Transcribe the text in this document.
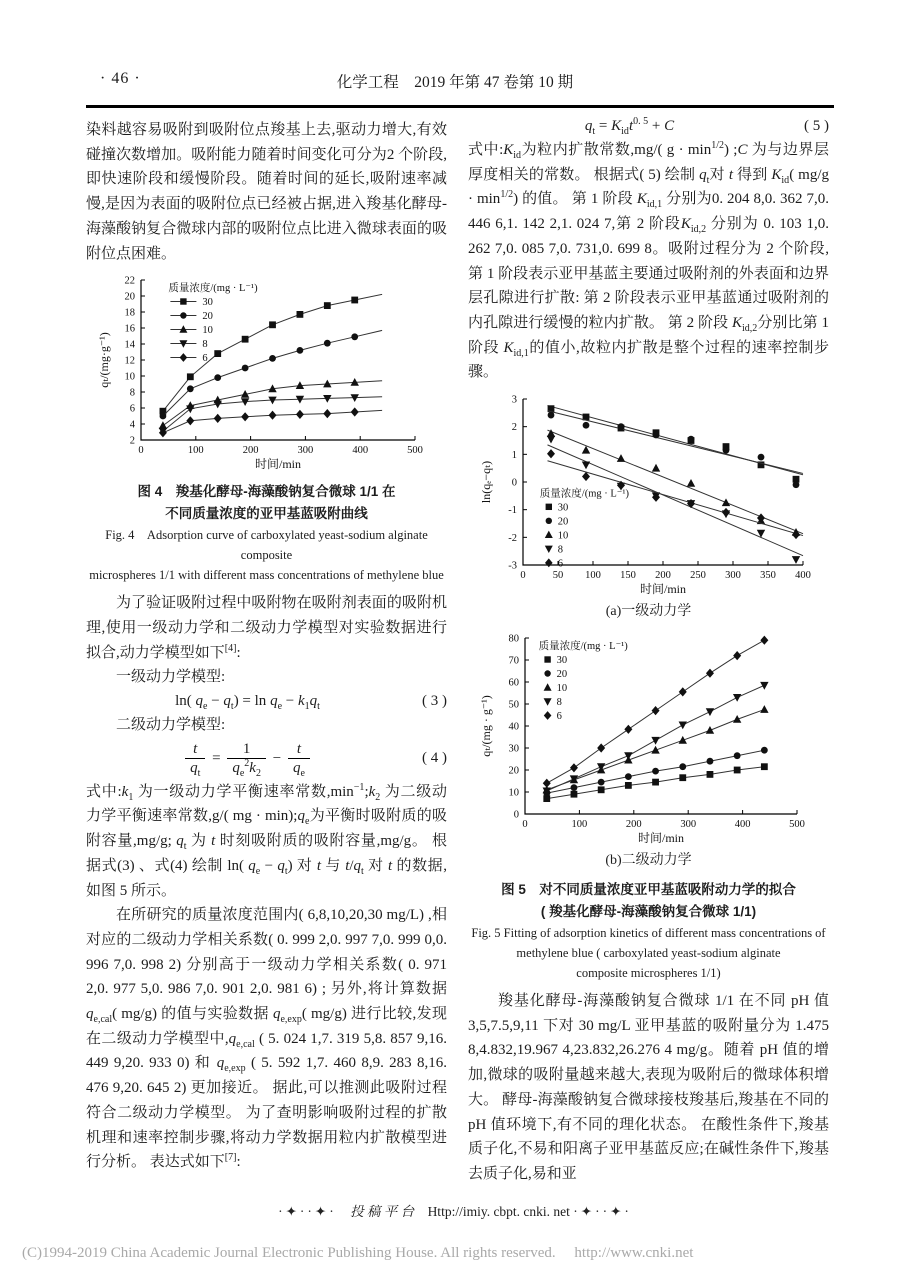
· 46 ·	化学工程　2019 年第 47 卷第 10 期

染料越容易吸附到吸附位点羧基上去,驱动力增大,有效碰撞次数增加。吸附能力随着时间变化可分为2 个阶段,即快速阶段和缓慢阶段。随着时间的延长,吸附速率减慢,是因为表面的吸附位点已经被占据,进入羧基化酵母-海藻酸钠复合微球内部的吸附位点比进入微球表面的吸附位点困难。

0	100	200	300	400	500
2
4
6
8
10
12
14
16
18
20
22
时间/min
qₜ/(mg·g⁻¹)
质量浓度/(mg · L⁻¹)
30
20
10
8
6
图 4　羧基化酵母-海藻酸钠复合微球 1/1 在
不同质量浓度的亚甲基蓝吸附曲线
Fig. 4　Adsorption curve of carboxylated yeast-sodium alginate composite
microspheres 1/1 with different mass concentrations of methylene blue

为了验证吸附过程中吸附物在吸附剂表面的吸附机理,使用一级动力学和二级动力学模型对实验数据进行拟合,动力学模型如下[4]:

一级动力学模型:

ln( $q_e - q_t) = \ln q_e - k_1q_t$	( 3 )

二级动力学模型:

$\frac{t}{q_t} = \frac{1}{q_e^2k_2} - \frac{t}{q_e}$	( 4 )

式中$:k_1$ 为一级动力学平衡速率常数$,\min^{-1};k_2$ 为二级动力学平衡速率常数,g/( mg · $\min);q_e$为平衡时吸附质的吸附容量,mg/g; $q_t$ 为 t 时刻吸附质的吸附容量,mg/g。 根据式(3) 、式(4) 绘制 ln( $q_e - q_t$) 对 t 与 $t/q_t$ 对 t 的数据,如图 5 所示。

在所研究的质量浓度范围内( 6,8,10,20,30 mg/L) ,相对应的二级动力学相关系数( 0. 999 2,0. 997 7,0. 999 0,0. 996 7,0. 998 2) 分别高于一级动力学相关系数( 0. 971 2,0. 977 5,0. 986 7,0. 901 2,0. 981 6) ; 另外,将计算数据 $q_{e,cal}$( mg/g) 的值与实验数据 $q_{e,exp}$( mg/g) 进行比较,发现在二级动力学模型中$,q_{e,cal}$ ( 5. 024 1,7. 319 5,8. 857 9,16. 449 9,20. 933 0) 和 $q_{e,exp}$ ( 5. 592 1,7. 460 8,9. 283 8,16. 476 9,20. 645 2) 更加接近。 据此,可以推测此吸附过程符合二级动力学模型。 为了查明影响吸附过程的扩散机理和速率控制步骤,将动力学数据用粒内扩散模型进行分析。 表达式如下[7]:

$q_t = K_{id}t^{0. 5} + C$	( 5 )

式中$:K_{id}$为粒内扩散常数,mg/( $g \cdot \min^{1/2}$) ;C 为与边界层厚度相关的常数。 根据式( 5) 绘制 $q_t$对 t 得到 $K_{id}$( $mg/g \cdot \min^{1/2}$) 的值。 第 1 阶段 $K_{id,1}$ 分别为0. 204 8,0. 362 7,0. 446 6,1. 142 2,1. 024 7,第 2 阶段$K_{id,2}$ 分别为 0. 103 1,0. 262 7,0. 085 7,0. 731,0. 699 8。吸附过程分为 2 个阶段,第 1 阶段表示亚甲基蓝主要通过吸附剂的外表面和边界层孔隙进行扩散: 第 2 阶段表示亚甲基蓝通过吸附剂的内孔隙进行缓慢的粒内扩散。 第 2 阶段 $K_{id,2}$分别比第 1 阶段 $K_{id,1}$的值小,故粒内扩散是整个过程的速率控制步骤。

0	50 100 150 200 250 300 350 400
-3
-2
-1
0
1
2
3
时间/min
ln(qₑ−qₜ)	质量浓度/(mg · L⁻¹)
30
20
10
8
6
(a)一级动力学
0	100	200	300	400	500
0
10
20
30
40
50
60
70
80
时间/min
qₜ/(mg · g⁻¹)
质量浓度/(mg · L⁻¹)
30
20
10
8
6
(b)二级动力学
图 5　对不同质量浓度亚甲基蓝吸附动力学的拟合
( 羧基化酵母-海藻酸钠复合微球 1/1)
Fig. 5 Fitting of adsorption kinetics of different mass concentrations of
methylene blue ( carboxylated yeast-sodium alginate
composite microspheres 1/1)

羧基化酵母-海藻酸钠复合微球 1/1 在不同 pH 值 3,5,7.5,9,11 下对 30 mg/L 亚甲基蓝的吸附量分为 1.475 8,4.832,19.967 4,23.832,26.276 4 mg/g。随着 pH 值的增加,微球的吸附量越来越大,表现为吸附后的微球体积增大。 酵母-海藻酸钠复合微球接枝羧基后,羧基在不同的 pH 值环境下,有不同的理化状态。 在酸性条件下,羧基质子化,不易和阳离子亚甲基蓝反应;在碱性条件下,羧基去质子化,易和亚

·✦··✦· 投 稿 平 台 Http://imiy. cbpt. cnki. net ·✦··✦·
(C)1994-2019 China Academic Journal Electronic Publishing House. All rights reserved.　 http://www.cnki.net
